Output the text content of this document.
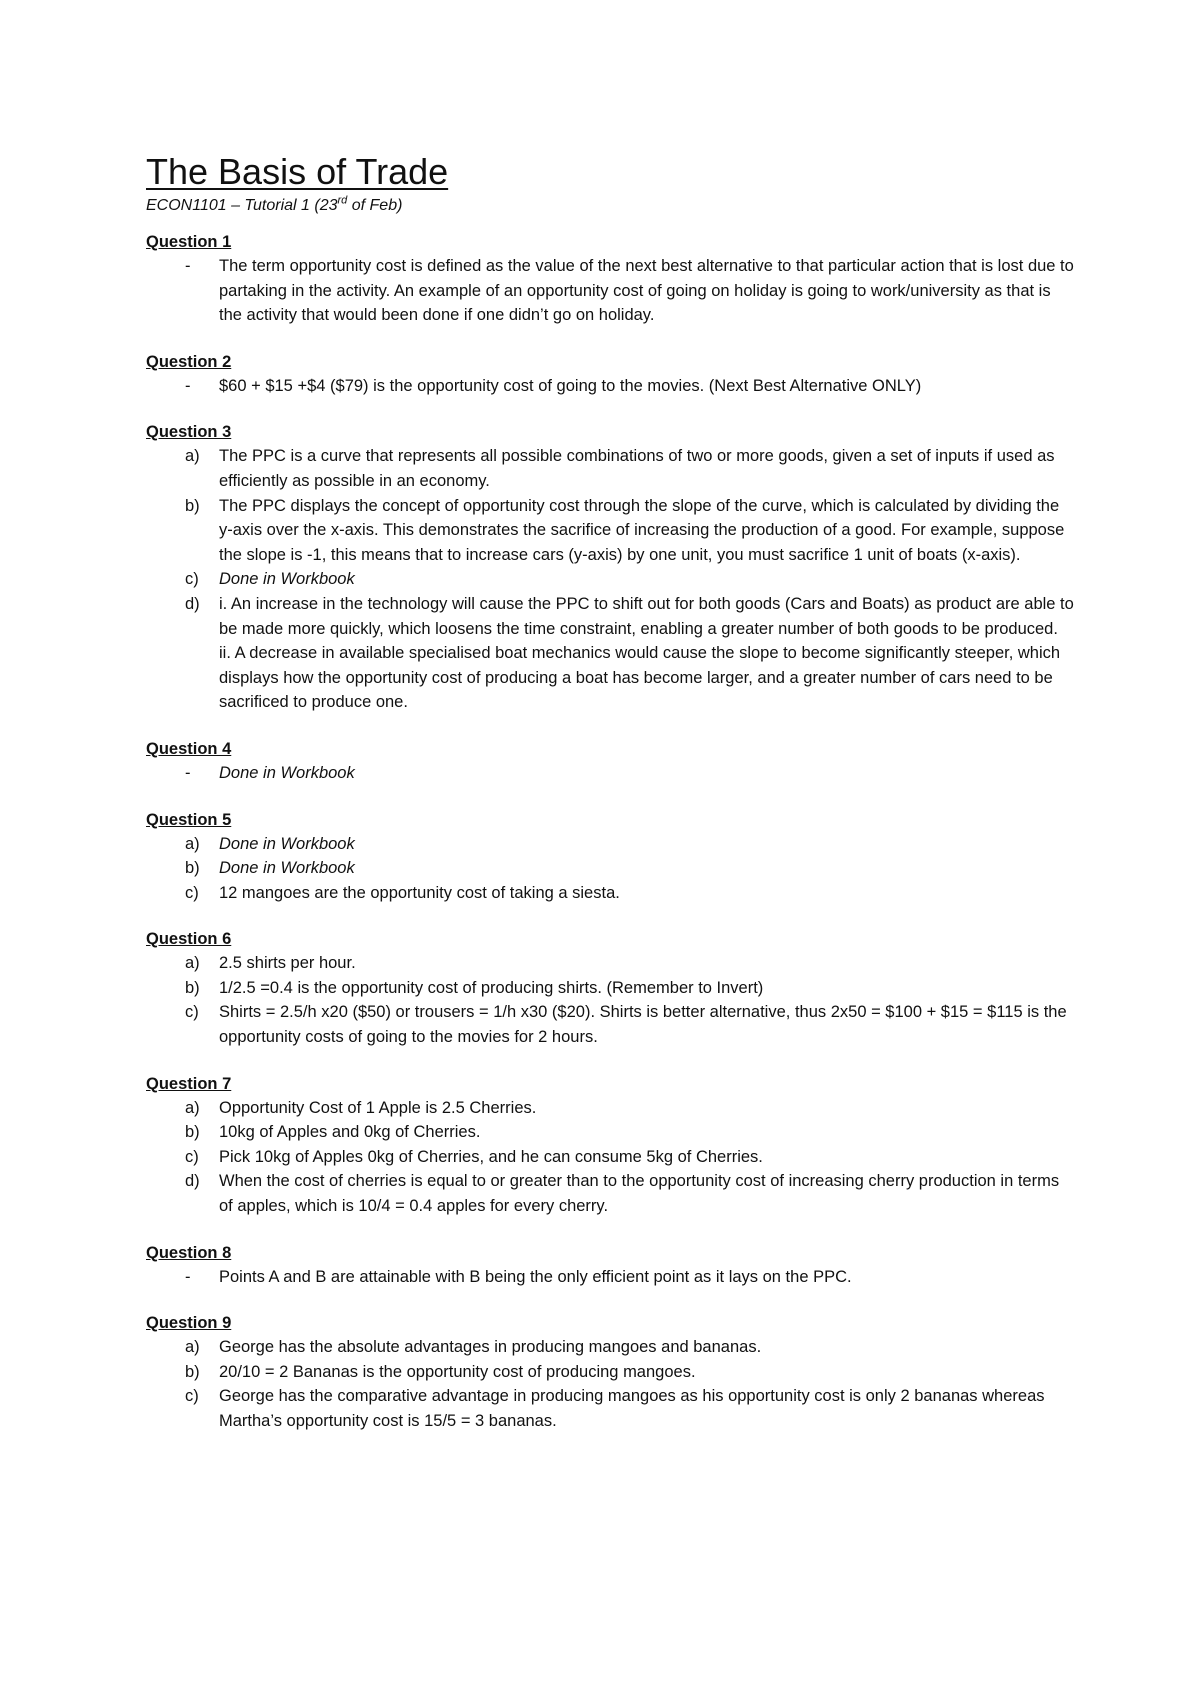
The Basis of Trade

ECON1101 – Tutorial 1 (23rd of Feb)

Question 1

-	The term opportunity cost is defined as the value of the next best alternative to that particular action that is lost due to partaking in the activity. An example of an opportunity cost of going on holiday is going to work/university as that is the activity that would been done if one didn’t go on holiday.

Question 2

-	$60 + $15 +$4 ($79) is the opportunity cost of going to the movies. (Next Best Alternative ONLY)

Question 3

a)	The PPC is a curve that represents all possible combinations of two or more goods, given a set of inputs if used as efficiently as possible in an economy.
b)	The PPC displays the concept of opportunity cost through the slope of the curve, which is calculated by dividing the y-axis over the x-axis. This demonstrates the sacrifice of increasing the production of a good. For example, suppose the slope is -1, this means that to increase cars (y-axis) by one unit, you must sacrifice 1 unit of boats (x-axis).
c)	Done in Workbook
d)	i. An increase in the technology will cause the PPC to shift out for both goods (Cars and Boats) as product are able to be made more quickly, which loosens the time constraint, enabling a greater number of both goods to be produced.
ii. A decrease in available specialised boat mechanics would cause the slope to become significantly steeper, which displays how the opportunity cost of producing a boat has become larger, and a greater number of cars need to be sacrificed to produce one.

Question 4

-	Done in Workbook

Question 5

a)	Done in Workbook
b)	Done in Workbook
c)	12 mangoes are the opportunity cost of taking a siesta.

Question 6

a)	2.5 shirts per hour.
b)	1/2.5 =0.4 is the opportunity cost of producing shirts. (Remember to Invert)
c)	Shirts = 2.5/h x20 ($50) or trousers = 1/h x30 ($20). Shirts is better alternative, thus 2x50 = $100 + $15 = $115 is the opportunity costs of going to the movies for 2 hours.

Question 7

a)	Opportunity Cost of 1 Apple is 2.5 Cherries.
b)	10kg of Apples and 0kg of Cherries.
c)	Pick 10kg of Apples 0kg of Cherries, and he can consume 5kg of Cherries.
d)	When the cost of cherries is equal to or greater than to the opportunity cost of increasing cherry production in terms of apples, which is 10/4 = 0.4 apples for every cherry.

Question 8

-	Points A and B are attainable with B being the only efficient point as it lays on the PPC.

Question 9

a)	George has the absolute advantages in producing mangoes and bananas.
b)	20/10 = 2 Bananas is the opportunity cost of producing mangoes.
c)	George has the comparative advantage in producing mangoes as his opportunity cost is only 2 bananas whereas Martha’s opportunity cost is 15/5 = 3 bananas.
